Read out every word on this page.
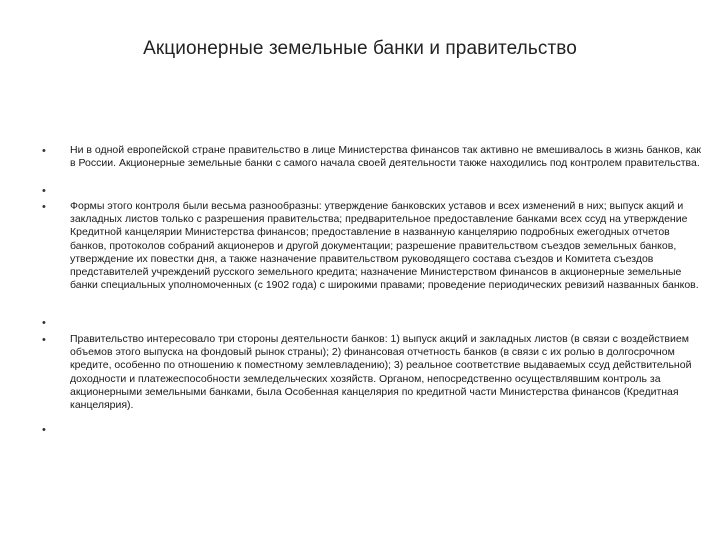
Акционерные земельные банки и правительство
• Ни в одной европейской стране правительство в лице Министерства финансов так активно не вмешивалось в жизнь банков, как в России. Акционерные земельные банки с самого начала своей деятельности также находились под контролем правительства.

•

• Формы этого контроля были весьма разнообразны: утверждение банковских уставов и всех изменений в них; выпуск акций и закладных листов только с разрешения правительства; предварительное предоставление банками всех ссуд на утверждение Кредитной канцелярии Министерства финансов; предоставление в названную канцелярию подробных ежегодных отчетов банков, протоколов собраний акционеров и другой документации; разрешение правительством съездов земельных банков, утверждение их повестки дня, а также назначение правительством руководящего состава съездов и Комитета съездов представителей учреждений русского земельного кредита; назначение Министерством финансов в акционерные земельные банки специальных уполномоченных (с 1902 года) с широкими правами; проведение периодических ревизий названных банков.

•

• Правительство интересовало три стороны деятельности банков: 1) выпуск акций и закладных листов (в связи с воздействием объемов этого выпуска на фондовый рынок страны); 2) финансовая отчетность банков (в связи с их ролью в долгосрочном кредите, особенно по отношению к поместному землевладению); 3) реальное соответствие выдаваемых ссуд действительной доходности и платежеспособности земледельческих хозяйств. Органом, непосредственно осуществлявшим контроль за акционерными земельными банками, была Особенная канцелярия по кредитной части Министерства финансов (Кредитная канцелярия).

•
